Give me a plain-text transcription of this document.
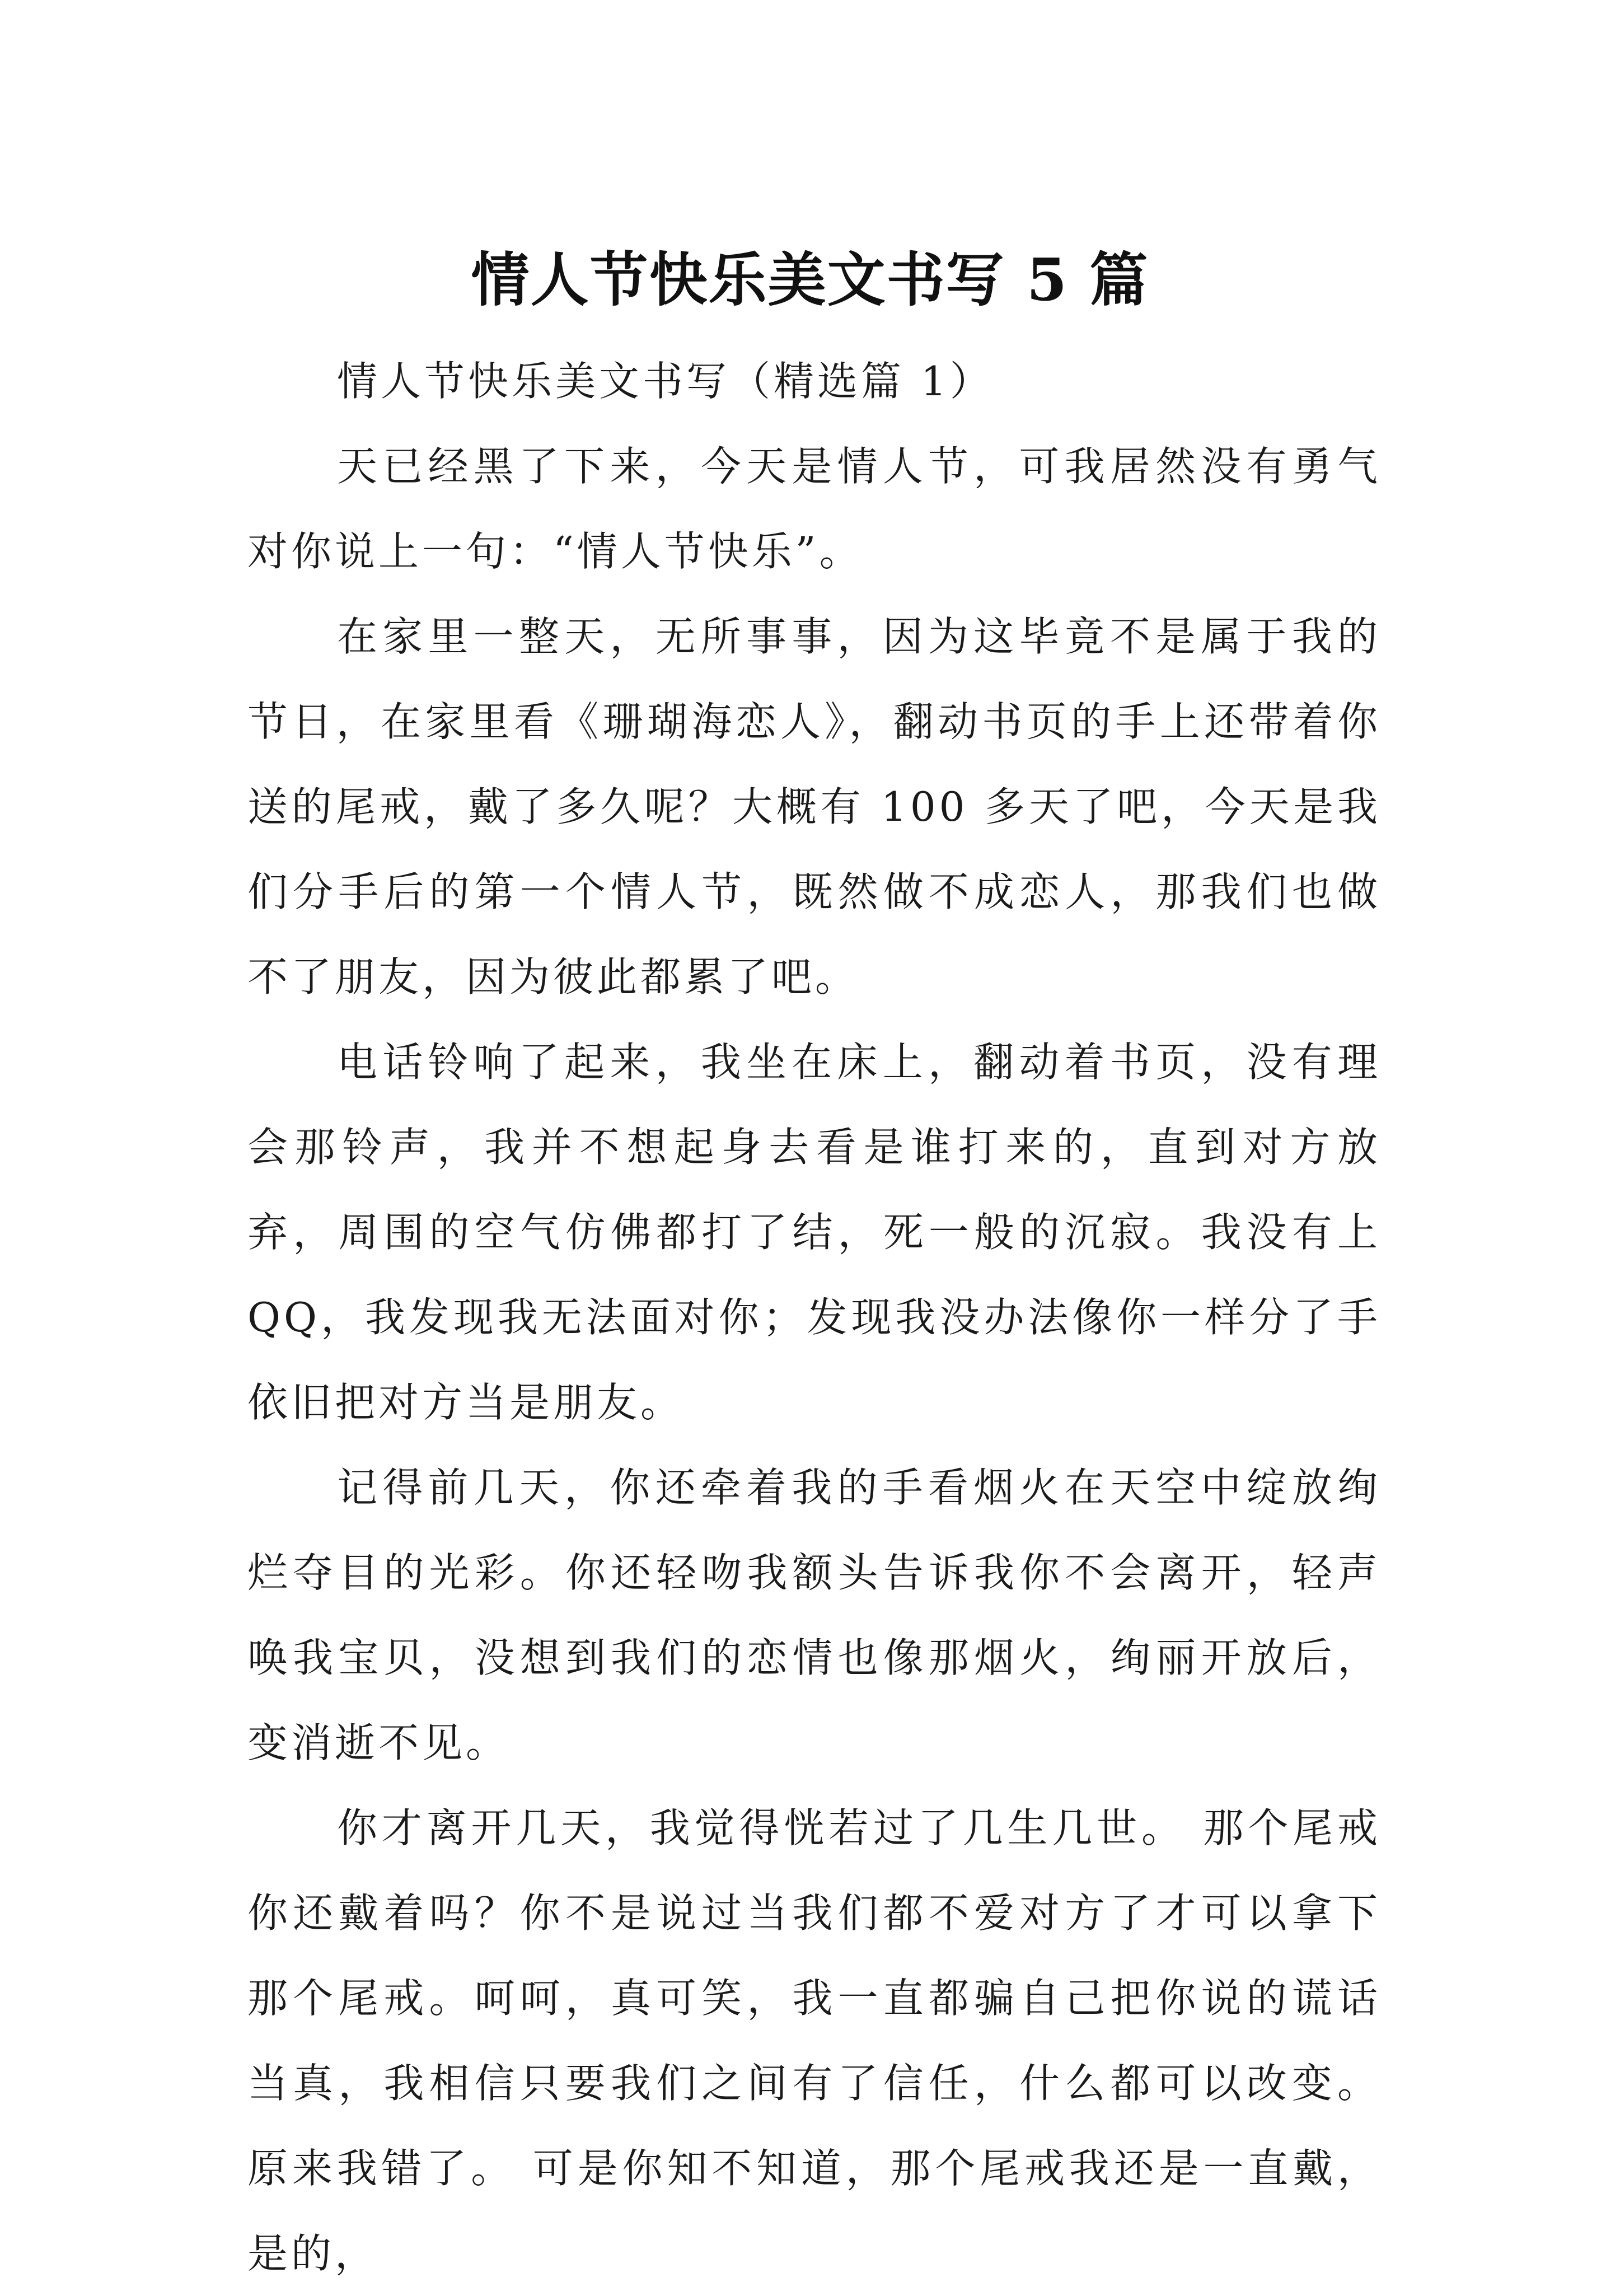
情人节快乐美文书写 5 篇

情人节快乐美文书写（精选篇 1）

天已经黑了下来，今天是情人节，可我居然没有勇气对你说上一句：“情人节快乐”。

在家里一整天，无所事事，因为这毕竟不是属于我的节日，在家里看《珊瑚海恋人》，翻动书页的手上还带着你送的尾戒，戴了多久呢？大概有 100 多天了吧，今天是我们分手后的第一个情人节，既然做不成恋人，那我们也做不了朋友，因为彼此都累了吧。

电话铃响了起来，我坐在床上，翻动着书页，没有理会那铃声，我并不想起身去看是谁打来的，直到对方放弃，周围的空气仿佛都打了结，死一般的沉寂。我没有上 QQ，我发现我无法面对你；发现我没办法像你一样分了手依旧把对方当是朋友。

记得前几天，你还牵着我的手看烟火在天空中绽放绚烂夺目的光彩。你还轻吻我额头告诉我你不会离开，轻声唤我宝贝，没想到我们的恋情也像那烟火，绚丽开放后，变消逝不见。

你才离开几天，我觉得恍若过了几生几世。 那个尾戒你还戴着吗？你不是说过当我们都不爱对方了才可以拿下那个尾戒。呵呵，真可笑，我一直都骗自己把你说的谎话当真，我相信只要我们之间有了信任，什么都可以改变。原来我错了。 可是你知不知道，那个尾戒我还是一直戴，是的，
